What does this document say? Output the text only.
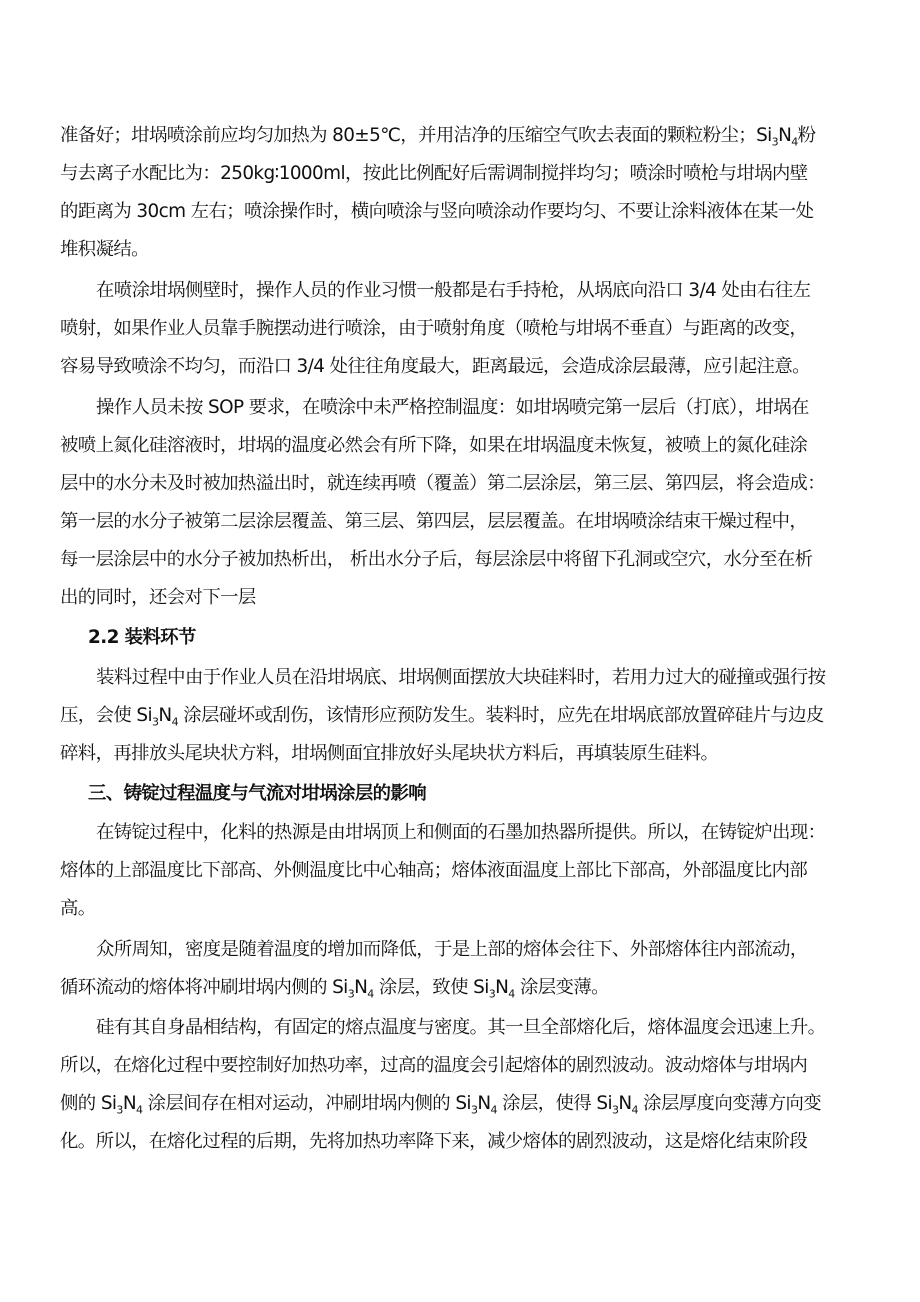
准备好；坩埚喷涂前应均匀加热为 80±5℃，并用洁净的压缩空气吹去表面的颗粒粉尘；$Si_3N_4$粉
与去离子水配比为：250kg∶1000ml，按此比例配好后需调制搅拌均匀；喷涂时喷枪与坩埚内壁
的距离为 30cm 左右；喷涂操作时，横向喷涂与竖向喷涂动作要均匀、不要让涂料液体在某一处
堆积凝结。
在喷涂坩埚侧壁时，操作人员的作业习惯一般都是右手持枪，从埚底向沿口 3/4 处由右往左
喷射，如果作业人员靠手腕摆动进行喷涂，由于喷射角度（喷枪与坩埚不垂直）与距离的改变，
容易导致喷涂不均匀，而沿口 3/4 处往往角度最大，距离最远，会造成涂层最薄，应引起注意。
操作人员未按 SOP 要求，在喷涂中未严格控制温度：如坩埚喷完第一层后（打底），坩埚在
被喷上氮化硅溶液时，坩埚的温度必然会有所下降，如果在坩埚温度未恢复，被喷上的氮化硅涂
层中的水分未及时被加热溢出时，就连续再喷（覆盖）第二层涂层，第三层、第四层，将会造成：
第一层的水分子被第二层涂层覆盖、第三层、第四层，层层覆盖。在坩埚喷涂结束干燥过程中，
每一层涂层中的水分子被加热析出， 析出水分子后，每层涂层中将留下孔洞或空穴，水分至在析
出的同时，还会对下一层
2.2 装料环节
装料过程中由于作业人员在沿坩埚底、坩埚侧面摆放大块硅料时，若用力过大的碰撞或强行按
压，会使 $Si_3N_4$ 涂层碰坏或刮伤，该情形应预防发生。装料时，应先在坩埚底部放置碎硅片与边皮
碎料，再排放头尾块状方料，坩埚侧面宜排放好头尾块状方料后，再填装原生硅料。
三、铸锭过程温度与气流对坩埚涂层的影响
在铸锭过程中，化料的热源是由坩埚顶上和侧面的石墨加热器所提供。所以，在铸锭炉出现：
熔体的上部温度比下部高、外侧温度比中心轴高；熔体液面温度上部比下部高，外部温度比内部
高。
众所周知，密度是随着温度的增加而降低，于是上部的熔体会往下、外部熔体往内部流动，
循环流动的熔体将冲刷坩埚内侧的 $Si_3N_4$ 涂层，致使 $Si_3N_4$ 涂层变薄。
硅有其自身晶相结构，有固定的熔点温度与密度。其一旦全部熔化后，熔体温度会迅速上升。
所以，在熔化过程中要控制好加热功率，过高的温度会引起熔体的剧烈波动。波动熔体与坩埚内
侧的 $Si_3N_4$ 涂层间存在相对运动，冲刷坩埚内侧的 $Si_3N_4$ 涂层，使得 $Si_3N_4$ 涂层厚度向变薄方向变
化。所以，在熔化过程的后期，先将加热功率降下来，减少熔体的剧烈波动，这是熔化结束阶段
